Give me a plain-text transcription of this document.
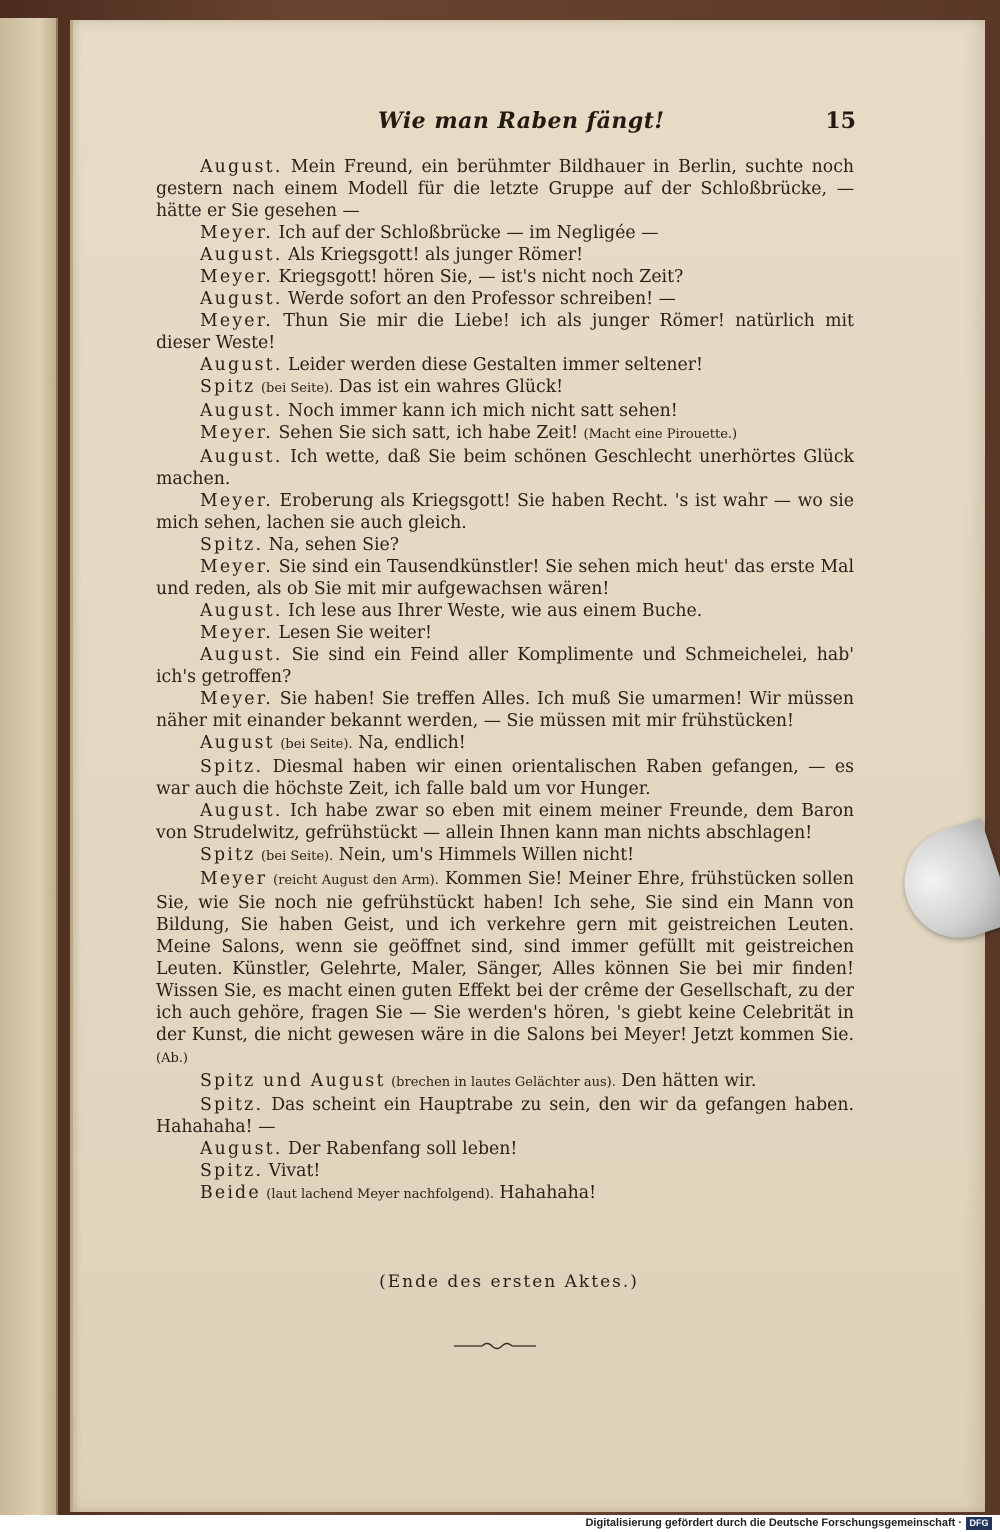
Wie man Raben fängt!	15

August. Mein Freund, ein berühmter Bildhauer in Berlin, suchte noch gestern nach einem Modell für die letzte Gruppe auf der Schloßbrücke, — hätte er Sie gesehen —

Meyer. Ich auf der Schloßbrücke — im Negligée —

August. Als Kriegsgott! als junger Römer!

Meyer. Kriegsgott! hören Sie, — ist's nicht noch Zeit?

August. Werde sofort an den Professor schreiben! —

Meyer. Thun Sie mir die Liebe! ich als junger Römer! natürlich mit dieser Weste!

August. Leider werden diese Gestalten immer seltener!

Spitz (bei Seite). Das ist ein wahres Glück!

August. Noch immer kann ich mich nicht satt sehen!

Meyer. Sehen Sie sich satt, ich habe Zeit! (Macht eine Pirouette.)

August. Ich wette, daß Sie beim schönen Geschlecht unerhörtes Glück machen.

Meyer. Eroberung als Kriegsgott! Sie haben Recht. 's ist wahr — wo sie mich sehen, lachen sie auch gleich.

Spitz. Na, sehen Sie?

Meyer. Sie sind ein Tausendkünstler! Sie sehen mich heut' das erste Mal und reden, als ob Sie mit mir aufgewachsen wären!

August. Ich lese aus Ihrer Weste, wie aus einem Buche.

Meyer. Lesen Sie weiter!

August. Sie sind ein Feind aller Komplimente und Schmeichelei, hab' ich's getroffen?

Meyer. Sie haben! Sie treffen Alles. Ich muß Sie umarmen! Wir müssen näher mit einander bekannt werden, — Sie müssen mit mir frühstücken!

August (bei Seite). Na, endlich!

Spitz. Diesmal haben wir einen orientalischen Raben gefangen, — es war auch die höchste Zeit, ich falle bald um vor Hunger.

August. Ich habe zwar so eben mit einem meiner Freunde, dem Baron von Strudelwitz, gefrühstückt — allein Ihnen kann man nichts abschlagen!

Spitz (bei Seite). Nein, um's Himmels Willen nicht!

Meyer (reicht August den Arm). Kommen Sie! Meiner Ehre, frühstücken sollen Sie, wie Sie noch nie gefrühstückt haben! Ich sehe, Sie sind ein Mann von Bildung, Sie haben Geist, und ich verkehre gern mit geistreichen Leuten. Meine Salons, wenn sie geöffnet sind, sind immer gefüllt mit geistreichen Leuten. Künstler, Gelehrte, Maler, Sänger, Alles können Sie bei mir finden! Wissen Sie, es macht einen guten Effekt bei der crême der Gesellschaft, zu der ich auch gehöre, fragen Sie — Sie werden's hören, 's giebt keine Celebrität in der Kunst, die nicht gewesen wäre in die Salons bei Meyer! Jetzt kommen Sie. (Ab.)

Spitz und August (brechen in lautes Gelächter aus). Den hätten wir.

Spitz. Das scheint ein Hauptrabe zu sein, den wir da gefangen haben. Hahahaha! —

August. Der Rabenfang soll leben!

Spitz. Vivat!

Beide (laut lachend Meyer nachfolgend). Hahahaha!

(Ende des ersten Aktes.)
Digitalisierung gefördert durch die Deutsche Forschungsgemeinschaft · DFG
